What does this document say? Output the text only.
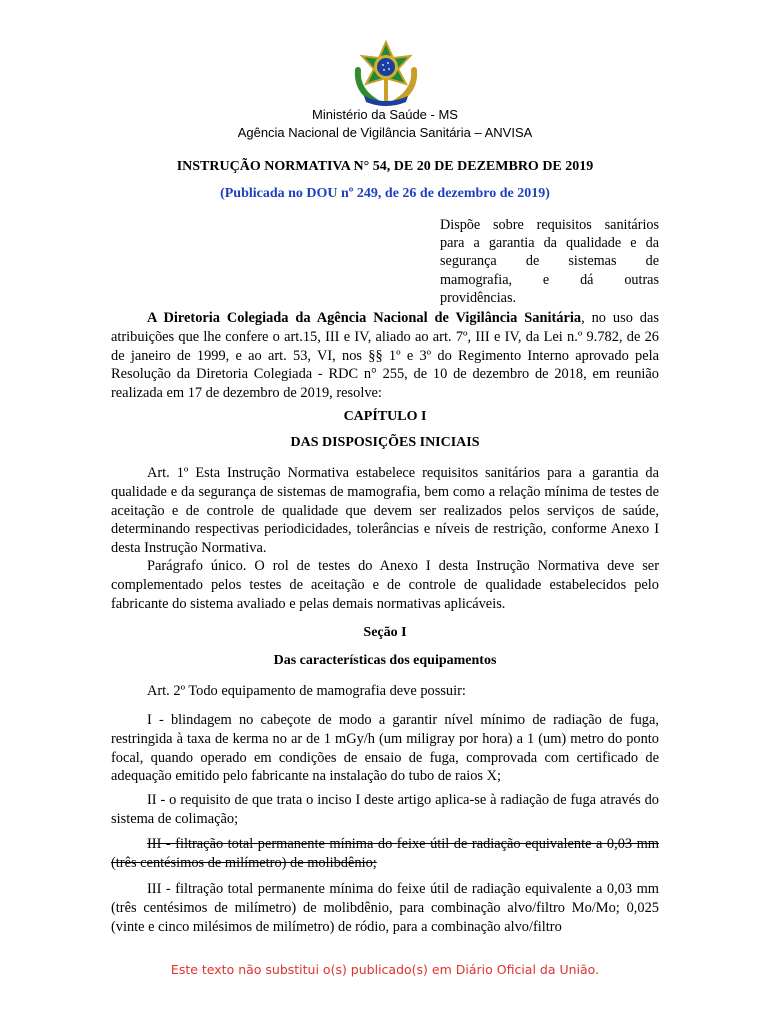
Ministério da Saúde - MS
Agência Nacional de Vigilância Sanitária – ANVISA
INSTRUÇÃO NORMATIVA N° 54, DE 20 DE DEZEMBRO DE 2019
(Publicada no DOU nº 249, de 26 de dezembro de 2019)
Dispõe sobre requisitos sanitários
para a garantia da qualidade e da
segurança de sistemas de
mamografia, e dá outras
providências.

A Diretoria Colegiada da Agência Nacional de Vigilância Sanitária, no uso das atribuições que lhe confere o art.15, III e IV, aliado ao art. 7º, III e IV, da Lei n.º 9.782, de 26 de janeiro de 1999, e ao art. 53, VI, nos §§ 1º e 3º do Regimento Interno aprovado pela Resolução da Diretoria Colegiada - RDC n° 255, de 10 de dezembro de 2018, em reunião realizada em 17 de dezembro de 2019, resolve:

CAPÍTULO I
DAS DISPOSIÇÕES INICIAIS

Art. 1º Esta Instrução Normativa estabelece requisitos sanitários para a garantia da qualidade e da segurança de sistemas de mamografia, bem como a relação mínima de testes de aceitação e de controle de qualidade que devem ser realizados pelos serviços de saúde, determinando respectivas periodicidades, tolerâncias e níveis de restrição, conforme Anexo I desta Instrução Normativa.

Parágrafo único. O rol de testes do Anexo I desta Instrução Normativa deve ser complementado pelos testes de aceitação e de controle de qualidade estabelecidos pelo fabricante do sistema avaliado e pelas demais normativas aplicáveis.

Seção I
Das características dos equipamentos

Art. 2º Todo equipamento de mamografia deve possuir:

I - blindagem no cabeçote de modo a garantir nível mínimo de radiação de fuga, restringida à taxa de kerma no ar de 1 mGy/h (um miligray por hora) a 1 (um) metro do ponto focal, quando operado em condições de ensaio de fuga, comprovada com certificado de adequação emitido pelo fabricante na instalação do tubo de raios X;

II - o requisito de que trata o inciso I deste artigo aplica-se à radiação de fuga através do sistema de colimação;

III - filtração total permanente mínima do feixe útil de radiação equivalente a 0,03 mm (três centésimos de milímetro) de molibdênio;

III - filtração total permanente mínima do feixe útil de radiação equivalente a 0,03 mm (três centésimos de milímetro) de molibdênio, para combinação alvo/filtro Mo/Mo; 0,025 (vinte e cinco milésimos de milímetro) de ródio, para a combinação alvo/filtro

Este texto não substitui o(s) publicado(s) em Diário Oficial da União.
